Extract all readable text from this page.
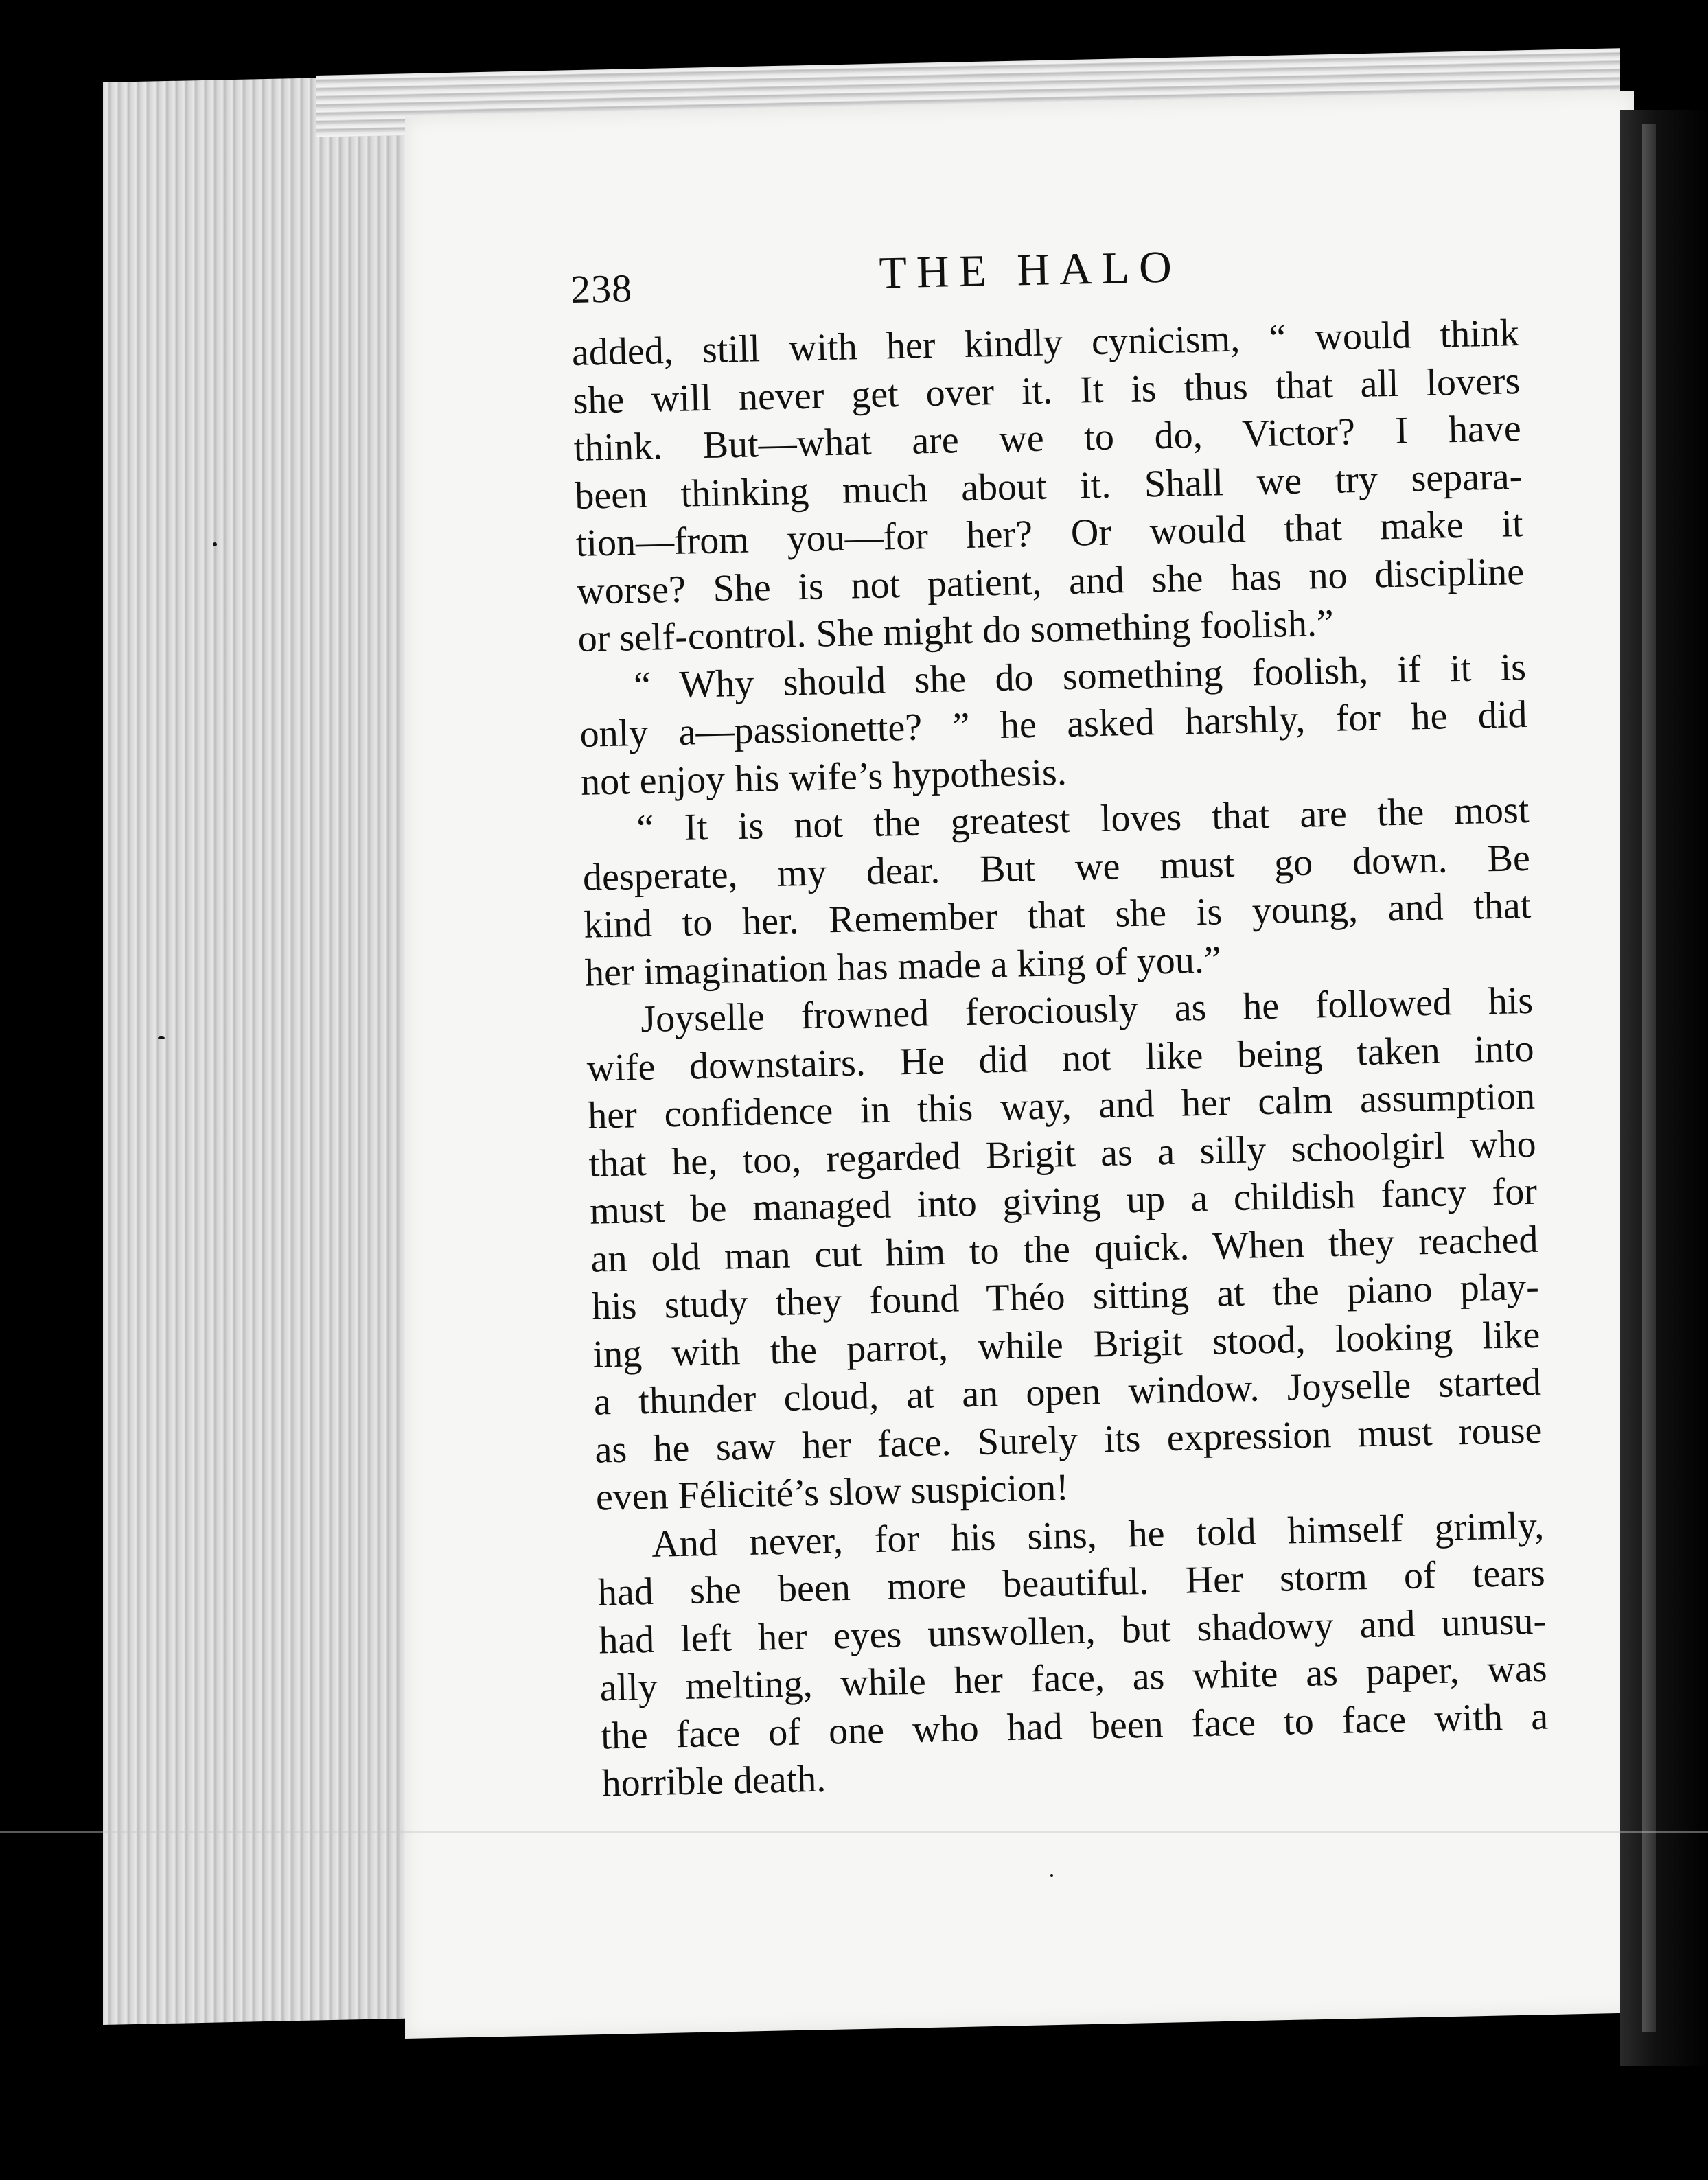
238	THE HALO
added, still with her kindly cynicism, “ would think
she will never get over it. It is thus that all lovers
think. But—what are we to do, Victor? I have
been thinking much about it. Shall we try separa-
tion—from you—for her? Or would that make it
worse? She is not patient, and she has no discipline
or self-control. She might do something foolish.”
“ Why should she do something foolish, if it is
only a—passionette? ” he asked harshly, for he did
not enjoy his wife’s hypothesis.
“ It is not the greatest loves that are the most
desperate, my dear. But we must go down. Be
kind to her. Remember that she is young, and that
her imagination has made a king of you.”
Joyselle frowned ferociously as he followed his
wife downstairs. He did not like being taken into
her confidence in this way, and her calm assumption
that he, too, regarded Brigit as a silly schoolgirl who
must be managed into giving up a childish fancy for
an old man cut him to the quick. When they reached
his study they found Théo sitting at the piano play-
ing with the parrot, while Brigit stood, looking like
a thunder cloud, at an open window. Joyselle started
as he saw her face. Surely its expression must rouse
even Félicité’s slow suspicion!
And never, for his sins, he told himself grimly,
had she been more beautiful. Her storm of tears
had left her eyes unswollen, but shadowy and unusu-
ally melting, while her face, as white as paper, was
the face of one who had been face to face with a
horrible death.
